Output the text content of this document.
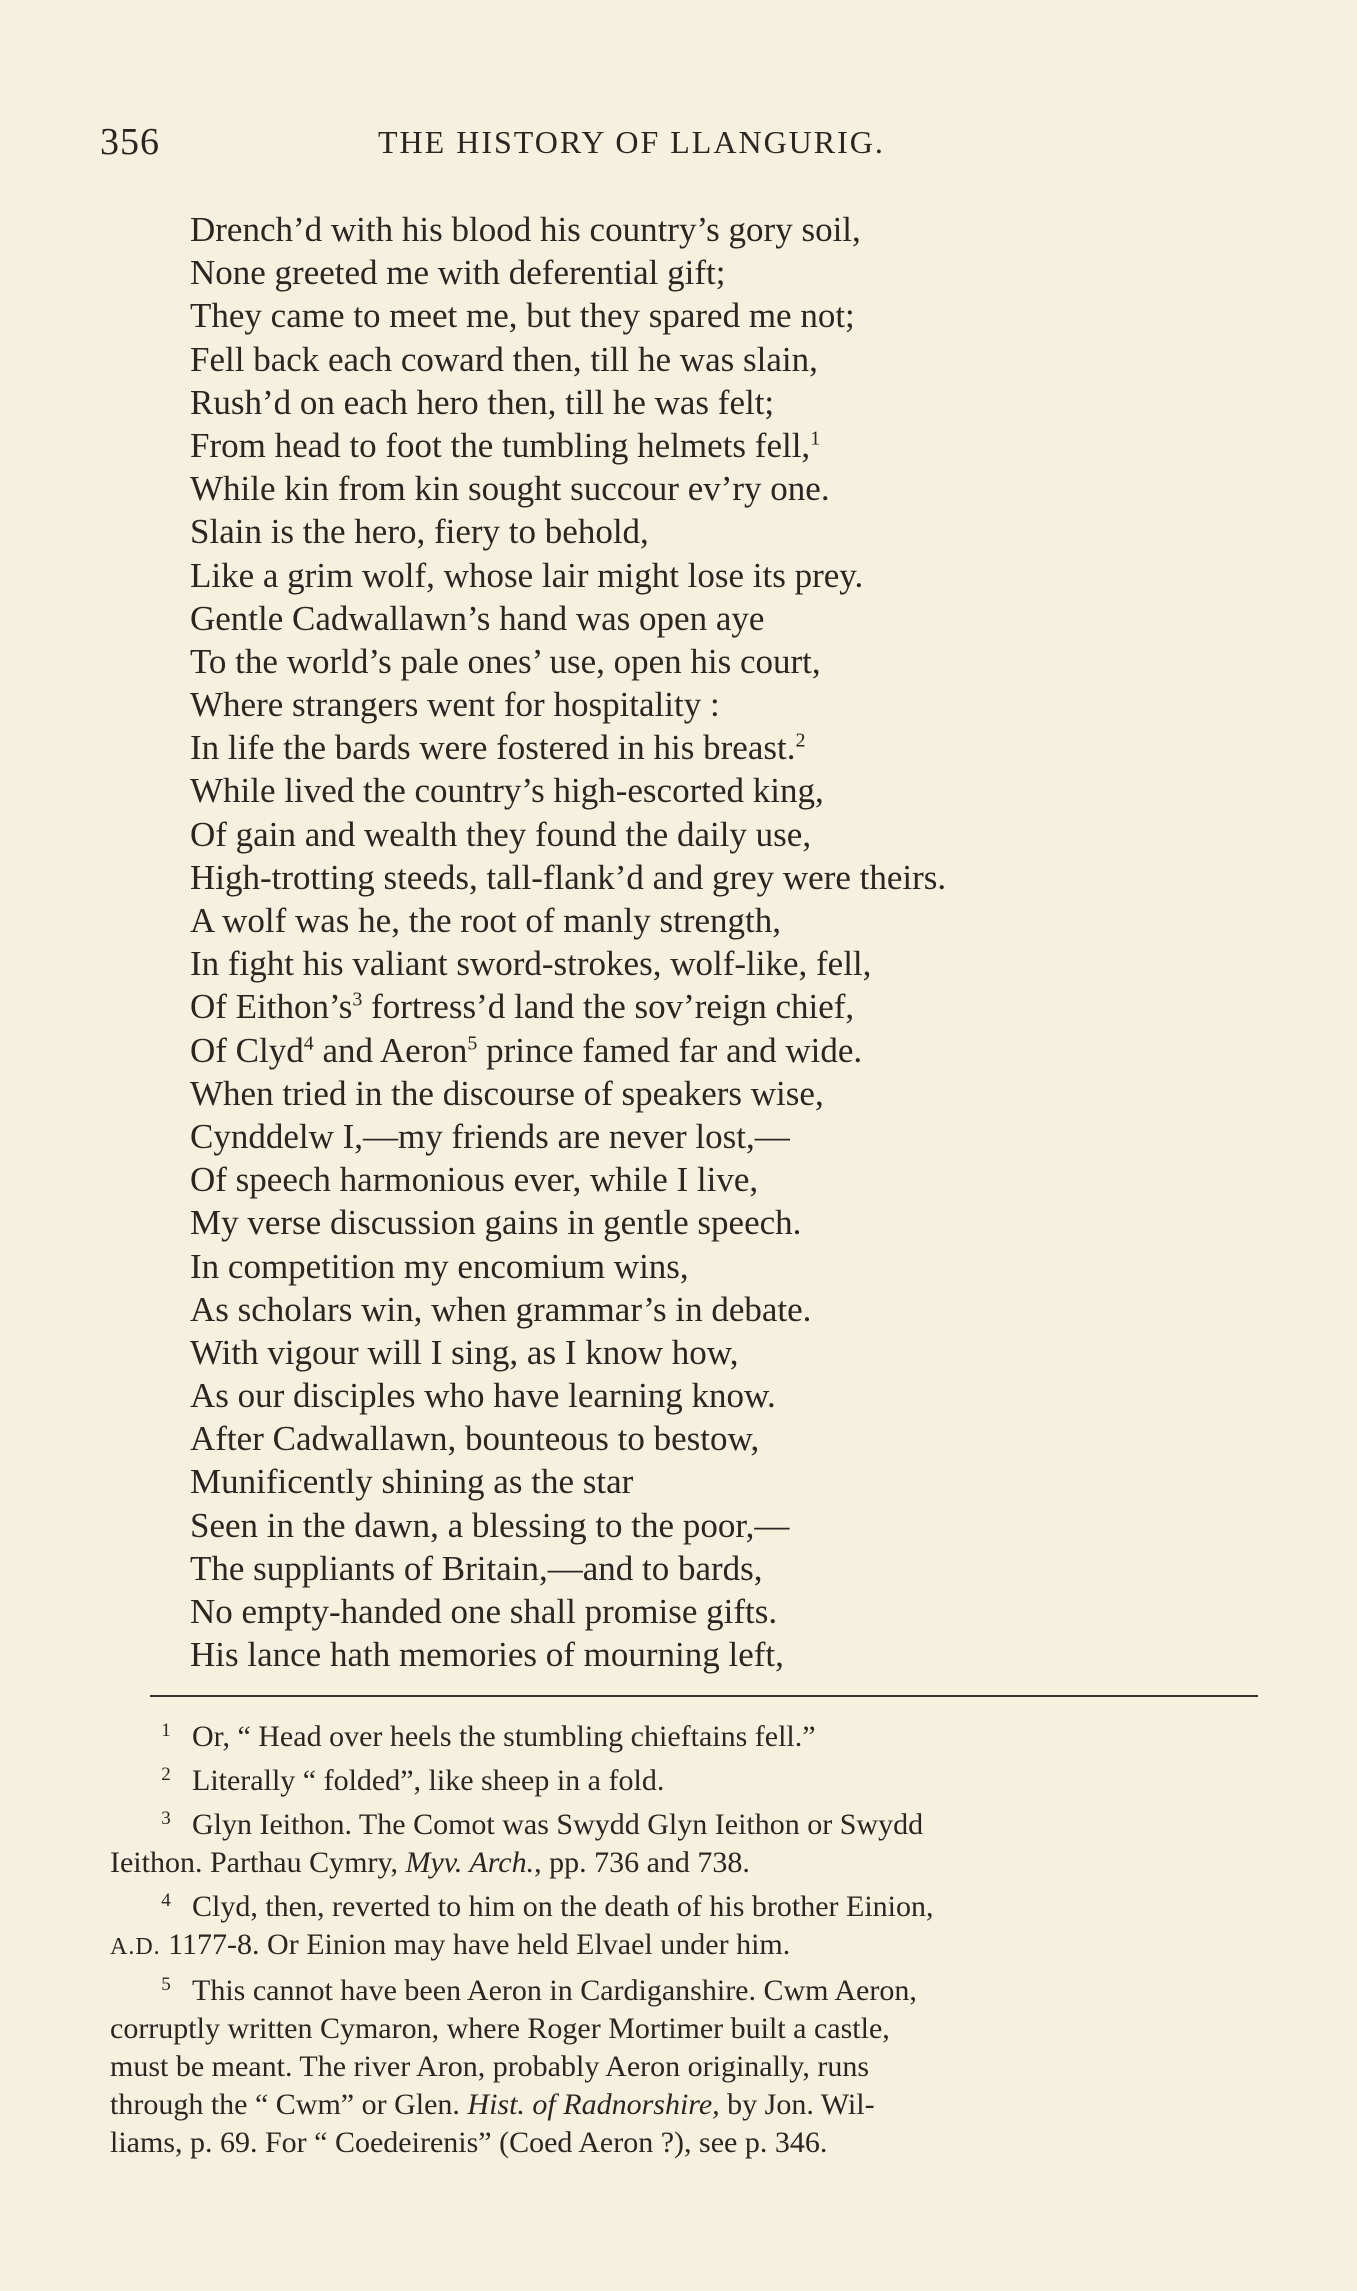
356	THE HISTORY OF LLANGURIG.
Drench’d with his blood his country’s gory soil,
None greeted me with deferential gift;
They came to meet me, but they spared me not;
Fell back each coward then, till he was slain,
Rush’d on each hero then, till he was felt;
From head to foot the tumbling helmets fell,$^1$
While kin from kin sought succour ev’ry one.
Slain is the hero, fiery to behold,
Like a grim wolf, whose lair might lose its prey.
Gentle Cadwallawn’s hand was open aye
To the world’s pale ones’ use, open his court,
Where strangers went for hospitality :
In life the bards were fostered in his breast.$^2$
While lived the country’s high-escorted king,
Of gain and wealth they found the daily use,
High-trotting steeds, tall-flank’d and grey were theirs.
A wolf was he, the root of manly strength,
In fight his valiant sword-strokes, wolf-like, fell,
Of $Eithon’s^3$ fortress’d land the sov’reign chief,
Of Clyd$^4$ and Aeron$^5$ prince famed far and wide.
When tried in the discourse of speakers wise,
Cynddelw I,—my friends are never lost,—
Of speech harmonious ever, while I live,
My verse discussion gains in gentle speech.
In competition my encomium wins,
As scholars win, when grammar’s in debate.
With vigour will I sing, as I know how,
As our disciples who have learning know.
After Cadwallawn, bounteous to bestow,
Munificently shining as the star
Seen in the dawn, a blessing to the poor,—
The suppliants of Britain,—and to bards,
No empty-handed one shall promise gifts.
His lance hath memories of mourning left,
1 Or, “ Head over heels the stumbling chieftains fell.”
2 Literally “ folded”, like sheep in a fold.
3 Glyn Ieithon. The Comot was Swydd Glyn Ieithon or Swydd
Ieithon. Parthau Cymry, Myv. Arch., pp. 736 and 738.
4 Clyd, then, reverted to him on the death of his brother Einion,
A.D. 1177-8. Or Einion may have held Elvael under him.
5 This cannot have been Aeron in Cardiganshire. Cwm Aeron,
corruptly written Cymaron, where Roger Mortimer built a castle,
must be meant. The river Aron, probably Aeron originally, runs
through the “ Cwm” or Glen. Hist. of Radnorshire, by Jon. Wil-
liams, p. 69. For “ Coedeirenis” (Coed Aeron ?), see p. 346.
